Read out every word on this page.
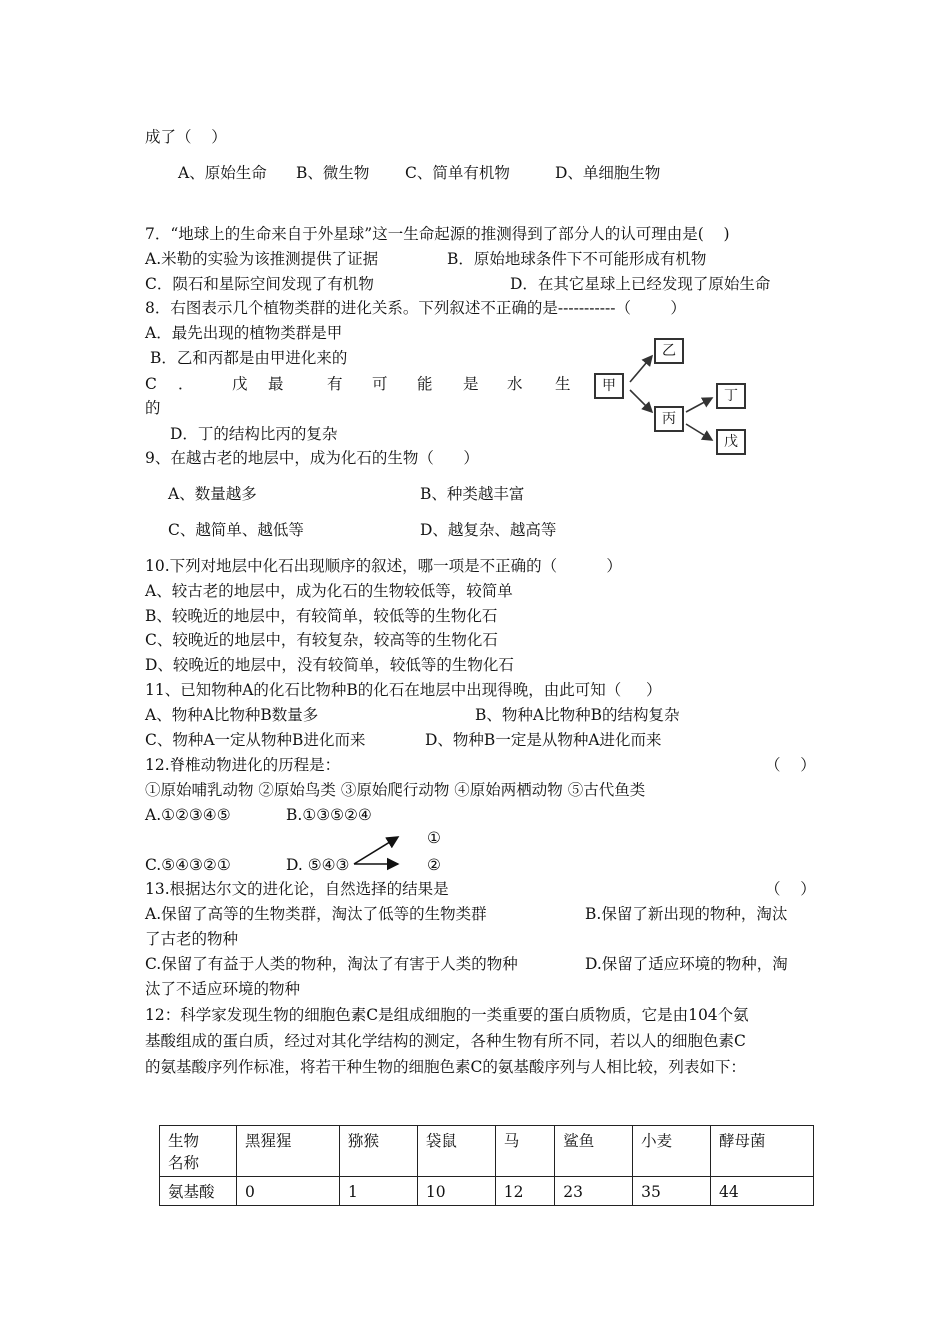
成了（    ）
A、原始生命 B、微生物 C、简单有机物	D、单细胞生物
7．“地球上的生命来自于外星球”这一生命起源的推测得到了部分人的认可理由是(    )
A.米勒的实验为该推测提供了证据	B．原始地球条件下不可能形成有机物
C．陨石和星际空间发现了有机物	D．在其它星球上已经发现了原始生命
8．右图表示几个植物类群的进化关系。下列叙述不正确的是-----------（        ）
A．最先出现的植物类群是甲
B．乙和丙都是由甲进化来的
的
D．丁的结构比丙的复杂
甲
乙
丙
丁
戊
9、在越古老的地层中，成为化石的生物（      ）
A、数量越多	B、种类越丰富
C、越简单、越低等	D、越复杂、越高等
10.下列对地层中化石出现顺序的叙述，哪一项是不正确的（          ）
A、较古老的地层中，成为化石的生物较低等，较简单
B、较晚近的地层中，有较简单，较低等的生物化石
C、较晚近的地层中，有较复杂，较高等的生物化石
D、较晚近的地层中，没有较简单，较低等的生物化石
11、已知物种A的化石比物种B的化石在地层中出现得晚，由此可知（     ）
A、物种A比物种B数量多	B、物种A比物种B的结构复杂
C、物种A一定从物种B进化而来	D、物种B一定是从物种A进化而来
12.脊椎动物进化的历程是：	（    ）
①原始哺乳动物 ②原始鸟类 ③原始爬行动物 ④原始两栖动物 ⑤古代鱼类
A.①②③④⑤	B.①③⑤②④
①
C.⑤④③②①	D. ⑤④③	②
13.根据达尔文的进化论，自然选择的结果是	（    ）
A.保留了高等的生物类群，淘汰了低等的生物类群	B.保留了新出现的物种，淘汰
了古老的物种
C.保留了有益于人类的物种，淘汰了有害于人类的物种	D.保留了适应环境的物种，淘
汰了不适应环境的物种
12：科学家发现生物的细胞色素C是组成细胞的一类重要的蛋白质物质，它是由104个氨
基酸组成的蛋白质，经过对其化学结构的测定，各种生物有所不同，若以人的细胞色素C
的氨基酸序列作标准，将若干种生物的细胞色素C的氨基酸序列与人相比较，列表如下：
生物
名称	黑猩猩	猕猴	袋鼠	马	鲨鱼	小麦	酵母菌
氨基酸	0	1	10	12	23	35	44
C ． 戊 最	有 可 能 是 水 生
